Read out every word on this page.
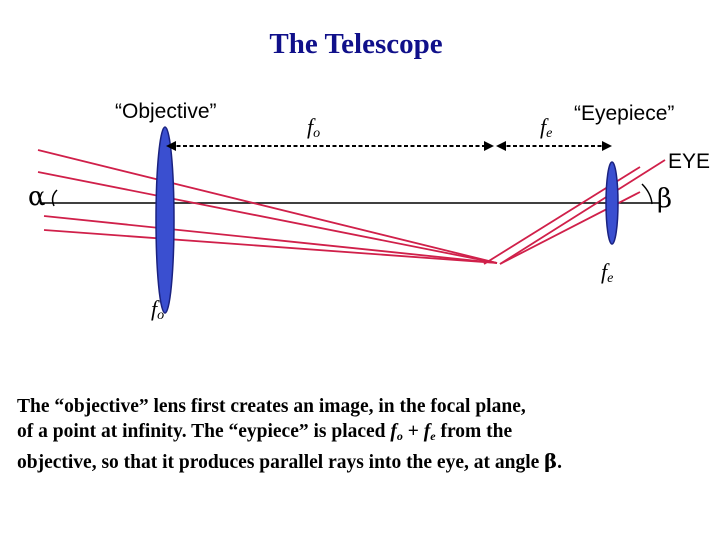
The Telescope
“Objective”	“Eyepiece”
EYE
α	β
$f_o$	$f_e$
$f_e$
$f_o$
The “objective” lens first creates an image, in the focal plane,
of a point at infinity. The “eypiece” is placed $f_o + f_e$ from the
objective, so that it produces parallel rays into the eye, at angle β.
